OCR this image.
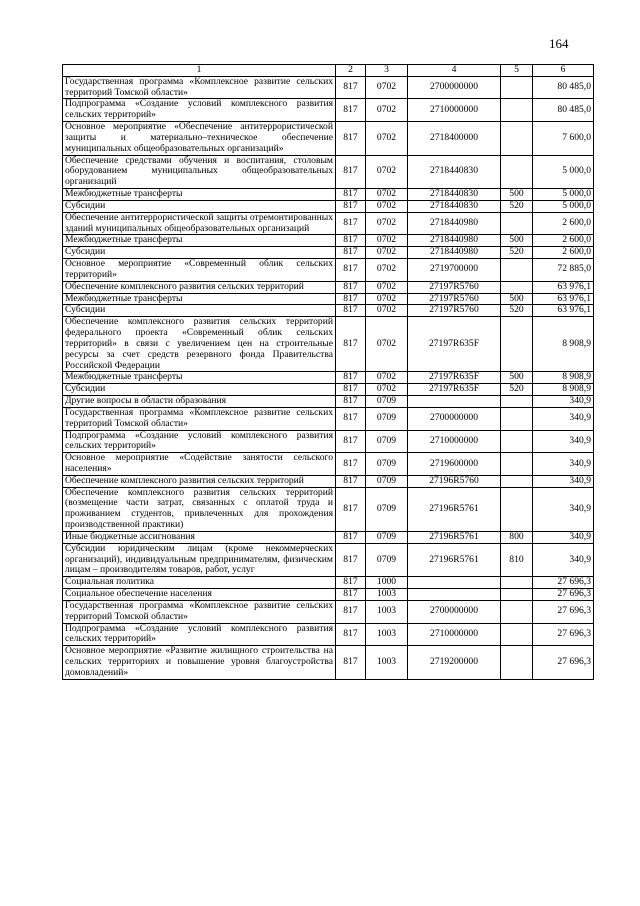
164
1	2	3	4	5	6
Государственная программа «Комплексное развитие сельских территорий Томской области»	817	0702	2700000000		80 485,0
Подпрограмма «Создание условий комплексного развития сельских территорий»	817	0702	2710000000		80 485,0
Основное мероприятие «Обеспечение антитеррористической защиты и материально–техническое обеспечение муниципальных общеобразовательных организаций»	817	0702	2718400000		7 600,0
Обеспечение средствами обучения и воспитания, столовым оборудованием муниципальных общеобразовательных организаций	817	0702	2718440830		5 000,0
Межбюджетные трансферты	817	0702	2718440830	500	5 000,0
Субсидии	817	0702	2718440830	520	5 000,0
Обеспечение антитеррористической защиты отремонтированных зданий муниципальных общеобразовательных организаций	817	0702	2718440980		2 600,0
Межбюджетные трансферты	817	0702	2718440980	500	2 600,0
Субсидии	817	0702	2718440980	520	2 600,0
Основное мероприятие «Современный облик сельских территорий»	817	0702	2719700000		72 885,0
Обеспечение комплексного развития сельских территорий	817	0702	27197R5760		63 976,1
Межбюджетные трансферты	817	0702	27197R5760	500	63 976,1
Субсидии	817	0702	27197R5760	520	63 976,1
Обеспечение комплексного развития сельских территорий федерального проекта «Современный облик сельских территорий» в связи с увеличением цен на строительные ресурсы за счет средств резервного фонда Правительства Российской Федерации	817	0702	27197R635F		8 908,9
Межбюджетные трансферты	817	0702	27197R635F	500	8 908,9
Субсидии	817	0702	27197R635F	520	8 908,9
Другие вопросы в области образования	817	0709			340,9
Государственная программа «Комплексное развитие сельских территорий Томской области»	817	0709	2700000000		340,9
Подпрограмма «Создание условий комплексного развития сельских территорий»	817	0709	2710000000		340,9
Основное мероприятие «Содействие занятости сельского населения»	817	0709	2719600000		340,9
Обеспечение комплексного развития сельских территорий	817	0709	27196R5760		340,9
Обеспечение комплексного развития сельских территорий (возмещение части затрат, связанных с оплатой труда и проживанием студентов, привлеченных для прохождения производственной практики)	817	0709	27196R5761		340,9
Иные бюджетные ассигнования	817	0709	27196R5761	800	340,9
Субсидии юридическим лицам (кроме некоммерческих организаций), индивидуальным предпринимателям, физическим лицам – производителям товаров, работ, услуг	817	0709	27196R5761	810	340,9
Социальная политика	817	1000			27 696,3
Социальное обеспечение населения	817	1003			27 696,3
Государственная программа «Комплексное развитие сельских территорий Томской области»	817	1003	2700000000		27 696,3
Подпрограмма «Создание условий комплексного развития сельских территорий»	817	1003	2710000000		27 696,3
Основное мероприятие «Развитие жилищного строительства на сельских территориях и повышение уровня благоустройства домовладений»	817	1003	2719200000		27 696,3
